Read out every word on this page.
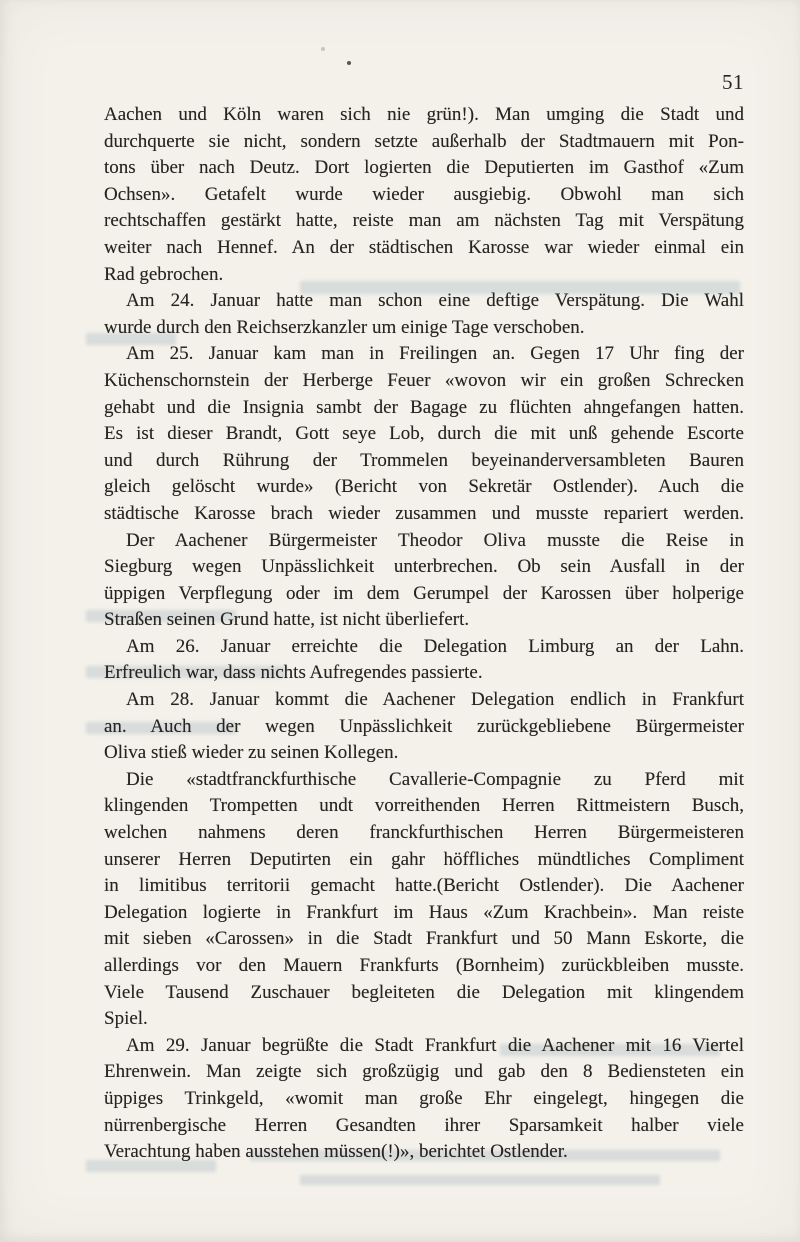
51
Aachen und Köln waren sich nie grün!). Man umging die Stadt und
durchquerte sie nicht, sondern setzte außerhalb der Stadtmauern mit Pon-
tons über nach Deutz. Dort logierten die Deputierten im Gasthof «Zum
Ochsen». Getafelt wurde wieder ausgiebig. Obwohl man sich
rechtschaffen gestärkt hatte, reiste man am nächsten Tag mit Verspätung
weiter nach Hennef. An der städtischen Karosse war wieder einmal ein
Rad gebrochen.
Am 24. Januar hatte man schon eine deftige Verspätung. Die Wahl
wurde durch den Reichserzkanzler um einige Tage verschoben.
Am 25. Januar kam man in Freilingen an. Gegen 17 Uhr fing der
Küchenschornstein der Herberge Feuer «wovon wir ein großen Schrecken
gehabt und die Insignia sambt der Bagage zu flüchten ahngefangen hatten.
Es ist dieser Brandt, Gott seye Lob, durch die mit unß gehende Escorte
und durch Rührung der Trommelen beyeinanderversambleten Bauren
gleich gelöscht wurde» (Bericht von Sekretär Ostlender). Auch die
städtische Karosse brach wieder zusammen und musste repariert werden.
Der Aachener Bürgermeister Theodor Oliva musste die Reise in
Siegburg wegen Unpässlichkeit unterbrechen. Ob sein Ausfall in der
üppigen Verpflegung oder im dem Gerumpel der Karossen über holperige
Straßen seinen Grund hatte, ist nicht überliefert.
Am 26. Januar erreichte die Delegation Limburg an der Lahn.
Erfreulich war, dass nichts Aufregendes passierte.
Am 28. Januar kommt die Aachener Delegation endlich in Frankfurt
an. Auch der wegen Unpässlichkeit zurückgebliebene Bürgermeister
Oliva stieß wieder zu seinen Kollegen.
Die «stadtfranckfurthische Cavallerie-Compagnie zu Pferd mit
klingenden Trompetten undt vorreithenden Herren Rittmeistern Busch,
welchen nahmens deren franckfurthischen Herren Bürgermeisteren
unserer Herren Deputirten ein gahr höffliches mündtliches Compliment
in limitibus territorii gemacht hatte.(Bericht Ostlender). Die Aachener
Delegation logierte in Frankfurt im Haus «Zum Krachbein». Man reiste
mit sieben «Carossen» in die Stadt Frankfurt und 50 Mann Eskorte, die
allerdings vor den Mauern Frankfurts (Bornheim) zurückbleiben musste.
Viele Tausend Zuschauer begleiteten die Delegation mit klingendem
Spiel.
Am 29. Januar begrüßte die Stadt Frankfurt die Aachener mit 16 Viertel
Ehrenwein. Man zeigte sich großzügig und gab den 8 Bediensteten ein
üppiges Trinkgeld, «womit man große Ehr eingelegt, hingegen die
nürrenbergische Herren Gesandten ihrer Sparsamkeit halber viele
Verachtung haben ausstehen müssen(!)», berichtet Ostlender.
